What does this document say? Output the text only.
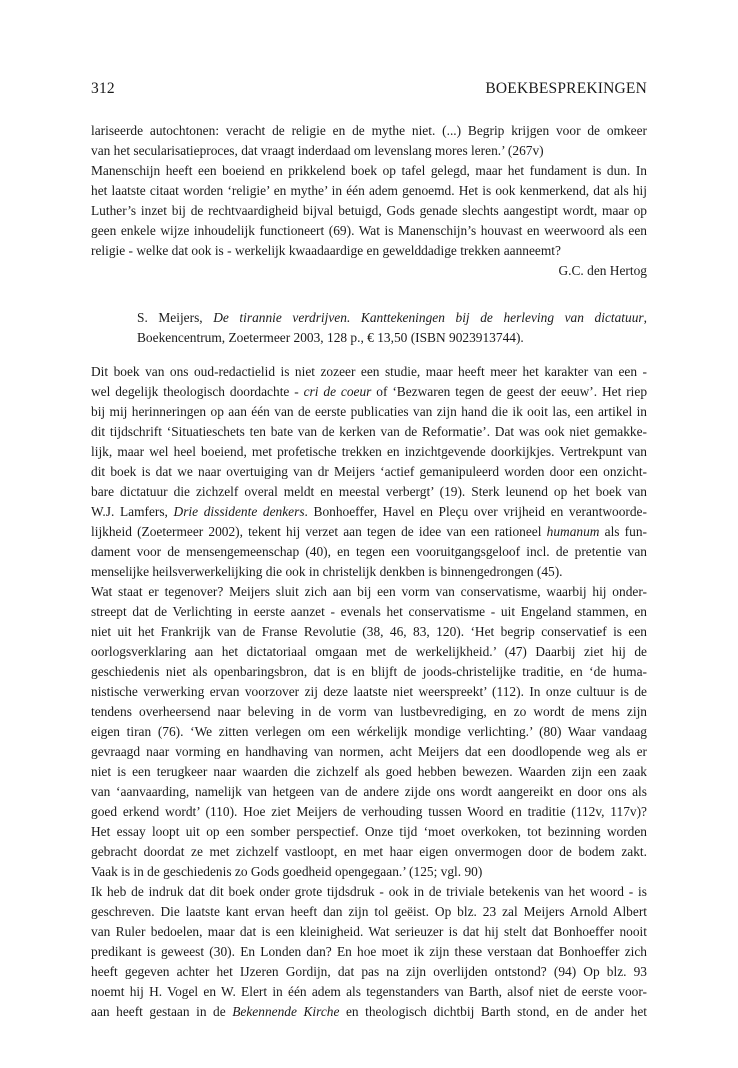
312	BOEKBESPREKINGEN
lariseerde autochtonen: veracht de religie en de mythe niet. (...) Begrip krijgen voor de omkeer
van het secularisatieproces, dat vraagt inderdaad om levenslang mores leren.’ (267v)
Manenschijn heeft een boeiend en prikkelend boek op tafel gelegd, maar het fundament is dun. In
het laatste citaat worden ‘religie’ en mythe’ in één adem genoemd. Het is ook kenmerkend, dat als hij
Luther’s inzet bij de rechtvaardigheid bijval betuigd, Gods genade slechts aangestipt wordt, maar op
geen enkele wijze inhoudelijk functioneert (69). Wat is Manenschijn’s houvast en weerwoord als een
religie - welke dat ook is - werkelijk kwaadaardige en gewelddadige trekken aanneemt?
G.C. den Hertog
S. Meijers, De tirannie verdrijven. Kanttekeningen bij de herleving van dictatuur,
Boekencentrum, Zoetermeer 2003, 128 p., € 13,50 (ISBN 9023913744).
Dit boek van ons oud-redactielid is niet zozeer een studie, maar heeft meer het karakter van een -
wel degelijk theologisch doordachte - cri de coeur of ‘Bezwaren tegen de geest der eeuw’. Het riep
bij mij herinneringen op aan één van de eerste publicaties van zijn hand die ik ooit las, een artikel in
dit tijdschrift ‘Situatieschets ten bate van de kerken van de Reformatie’. Dat was ook niet gemakke-
lijk, maar wel heel boeiend, met profetische trekken en inzichtgevende doorkijkjes. Vertrekpunt van
dit boek is dat we naar overtuiging van dr Meijers ‘actief gemanipuleerd worden door een onzicht-
bare dictatuur die zichzelf overal meldt en meestal verbergt’ (19). Sterk leunend op het boek van
W.J. Lamfers, Drie dissidente denkers. Bonhoeffer, Havel en Pleçu over vrijheid en verantwoorde-
lijkheid (Zoetermeer 2002), tekent hij verzet aan tegen de idee van een rationeel humanum als fun-
dament voor de mensengemeenschap (40), en tegen een vooruitgangsgeloof incl. de pretentie van
menselijke heilsverwerkelijking die ook in christelijk denkben is binnengedrongen (45).
Wat staat er tegenover? Meijers sluit zich aan bij een vorm van conservatisme, waarbij hij onder-
streept dat de Verlichting in eerste aanzet - evenals het conservatisme - uit Engeland stammen, en
niet uit het Frankrijk van de Franse Revolutie (38, 46, 83, 120). ‘Het begrip conservatief is een
oorlogsverklaring aan het dictatoriaal omgaan met de werkelijkheid.’ (47) Daarbij ziet hij de
geschiedenis niet als openbaringsbron, dat is en blijft de joods-christelijke traditie, en ‘de huma-
nistische verwerking ervan voorzover zij deze laatste niet weerspreekt’ (112). In onze cultuur is de
tendens overheersend naar beleving in de vorm van lustbevrediging, en zo wordt de mens zijn
eigen tiran (76). ‘We zitten verlegen om een wérkelijk mondige verlichting.’ (80) Waar vandaag
gevraagd naar vorming en handhaving van normen, acht Meijers dat een doodlopende weg als er
niet is een terugkeer naar waarden die zichzelf als goed hebben bewezen. Waarden zijn een zaak
van ‘aanvaarding, namelijk van hetgeen van de andere zijde ons wordt aangereikt en door ons als
goed erkend wordt’ (110). Hoe ziet Meijers de verhouding tussen Woord en traditie (112v, 117v)?
Het essay loopt uit op een somber perspectief. Onze tijd ‘moet overkoken, tot bezinning worden
gebracht doordat ze met zichzelf vastloopt, en met haar eigen onvermogen door de bodem zakt.
Vaak is in de geschiedenis zo Gods goedheid opengegaan.’ (125; vgl. 90)
Ik heb de indruk dat dit boek onder grote tijdsdruk - ook in de triviale betekenis van het woord - is
geschreven. Die laatste kant ervan heeft dan zijn tol geëist. Op blz. 23 zal Meijers Arnold Albert
van Ruler bedoelen, maar dat is een kleinigheid. Wat serieuzer is dat hij stelt dat Bonhoeffer nooit
predikant is geweest (30). En Londen dan? En hoe moet ik zijn these verstaan dat Bonhoeffer zich
heeft gegeven achter het IJzeren Gordijn, dat pas na zijn overlijden ontstond? (94) Op blz. 93
noemt hij H. Vogel en W. Elert in één adem als tegenstanders van Barth, alsof niet de eerste voor-
aan heeft gestaan in de Bekennende Kirche en theologisch dichtbij Barth stond, en de ander het
